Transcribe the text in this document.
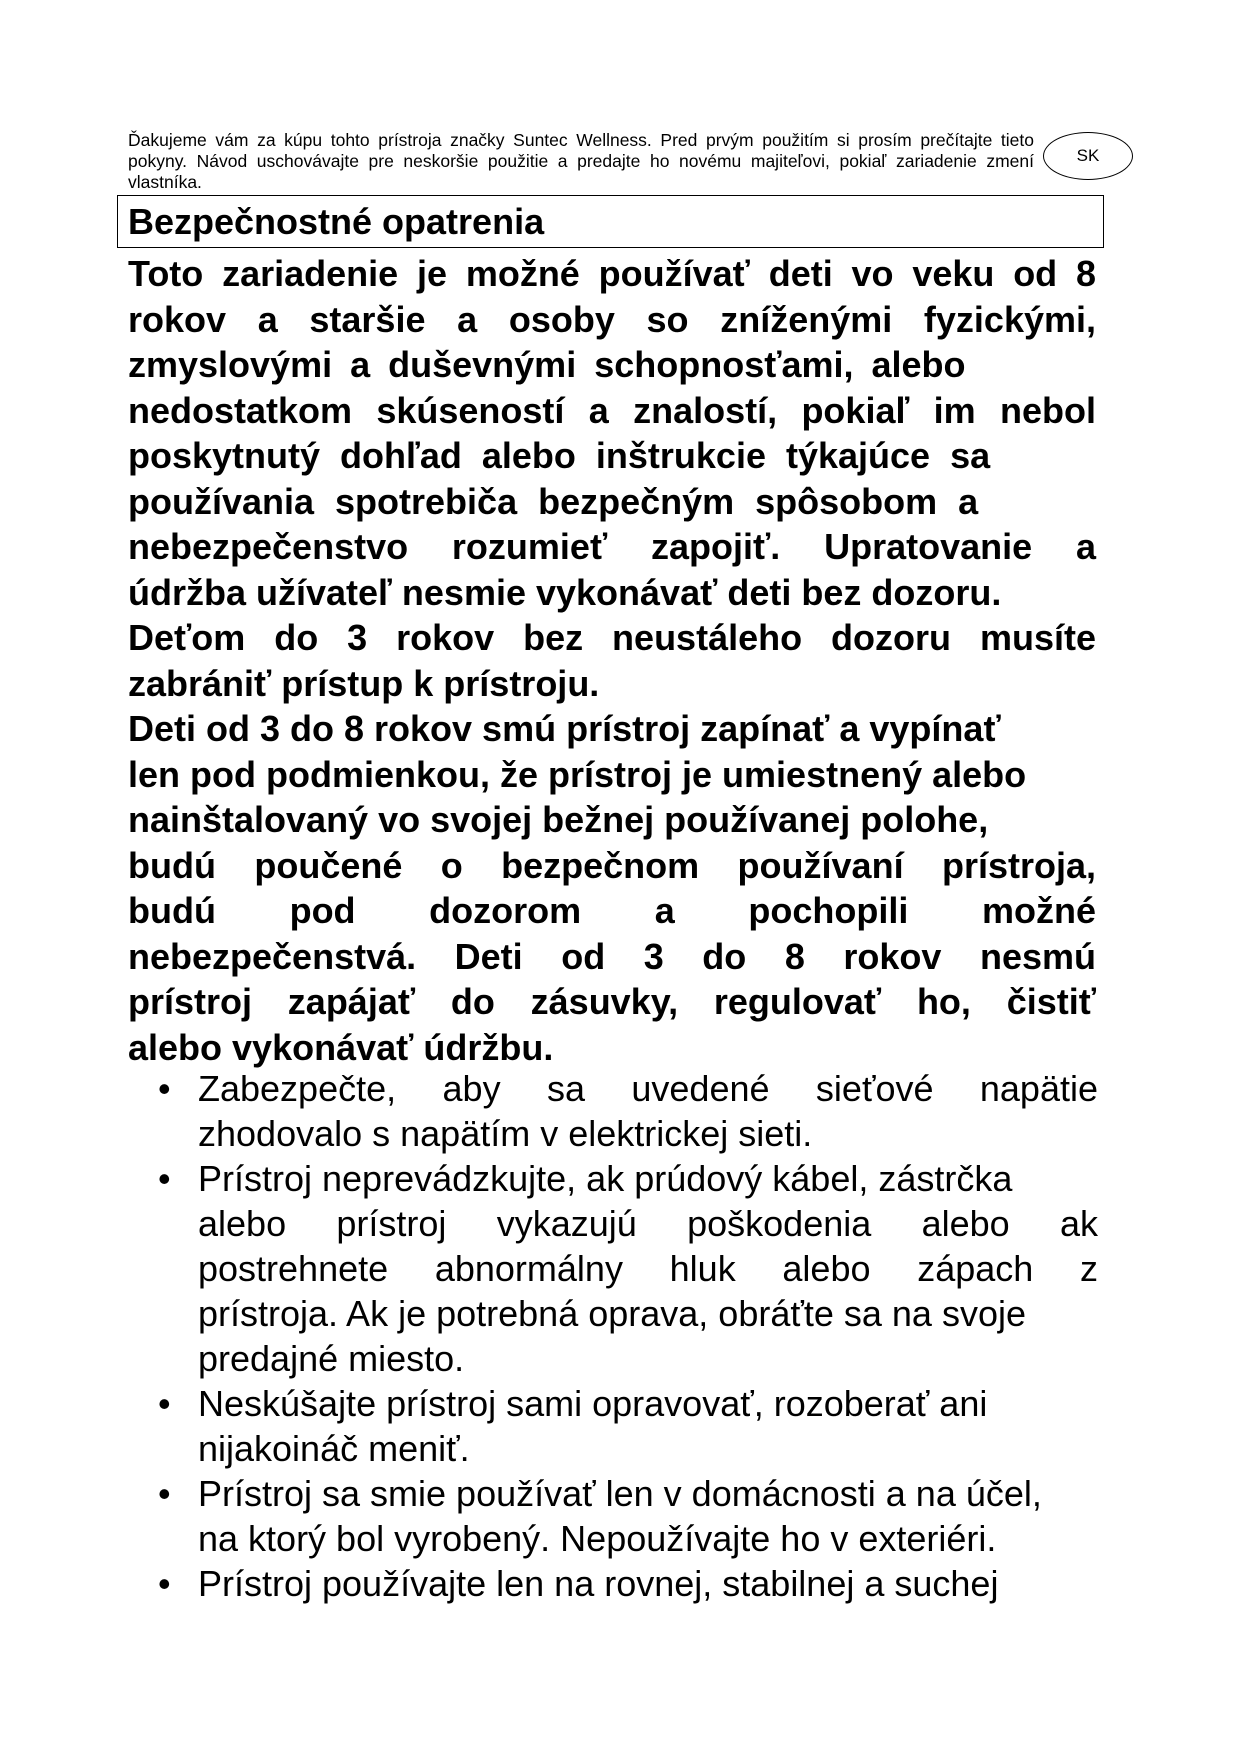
Ďakujeme vám za kúpu tohto prístroja značky Suntec Wellness. Pred prvým použitím si prosím prečítajte tieto pokyny. Návod uschovávajte pre neskoršie použitie a predajte ho novému majiteľovi, pokiaľ zariadenie zmení vlastníka.
SK
Bezpečnostné opatrenia

Toto zariadenie je možné používať deti vo veku od 8
rokov a staršie a osoby so zníženými fyzickými,
zmyslovými a duševnými schopnosťami, alebo
nedostatkom skúseností a znalostí, pokiaľ im nebol
poskytnutý dohľad alebo inštrukcie týkajúce sa
používania spotrebiča bezpečným spôsobom a
nebezpečenstvo rozumieť zapojiť. Upratovanie a
údržba užívateľ nesmie vykonávať deti bez dozoru.
Deťom do 3 rokov bez neustáleho dozoru musíte
zabrániť prístup k prístroju.

Deti od 3 do 8 rokov smú prístroj zapínať a vypínať
len pod podmienkou, že prístroj je umiestnený alebo
nainštalovaný vo svojej bežnej používanej polohe,
budú poučené o bezpečnom používaní prístroja,
budú pod dozorom a pochopili možné
nebezpečenstvá. Deti od 3 do 8 rokov nesmú
prístroj zapájať do zásuvky, regulovať ho, čistiť
alebo vykonávať údržbu.

• Zabezpečte, aby sa uvedené sieťové napätie
zhodovalo s napätím v elektrickej sieti.
• Prístroj neprevádzkujte, ak prúdový kábel, zástrčka
alebo prístroj vykazujú poškodenia alebo ak
postrehnete abnormálny hluk alebo zápach z
prístroja. Ak je potrebná oprava, obráťte sa na svoje
predajné miesto.
• Neskúšajte prístroj sami opravovať, rozoberať ani
nijakoináč meniť.
• Prístroj sa smie používať len v domácnosti a na účel,
na ktorý bol vyrobený. Nepoužívajte ho v exteriéri.
• Prístroj používajte len na rovnej, stabilnej a suchej
